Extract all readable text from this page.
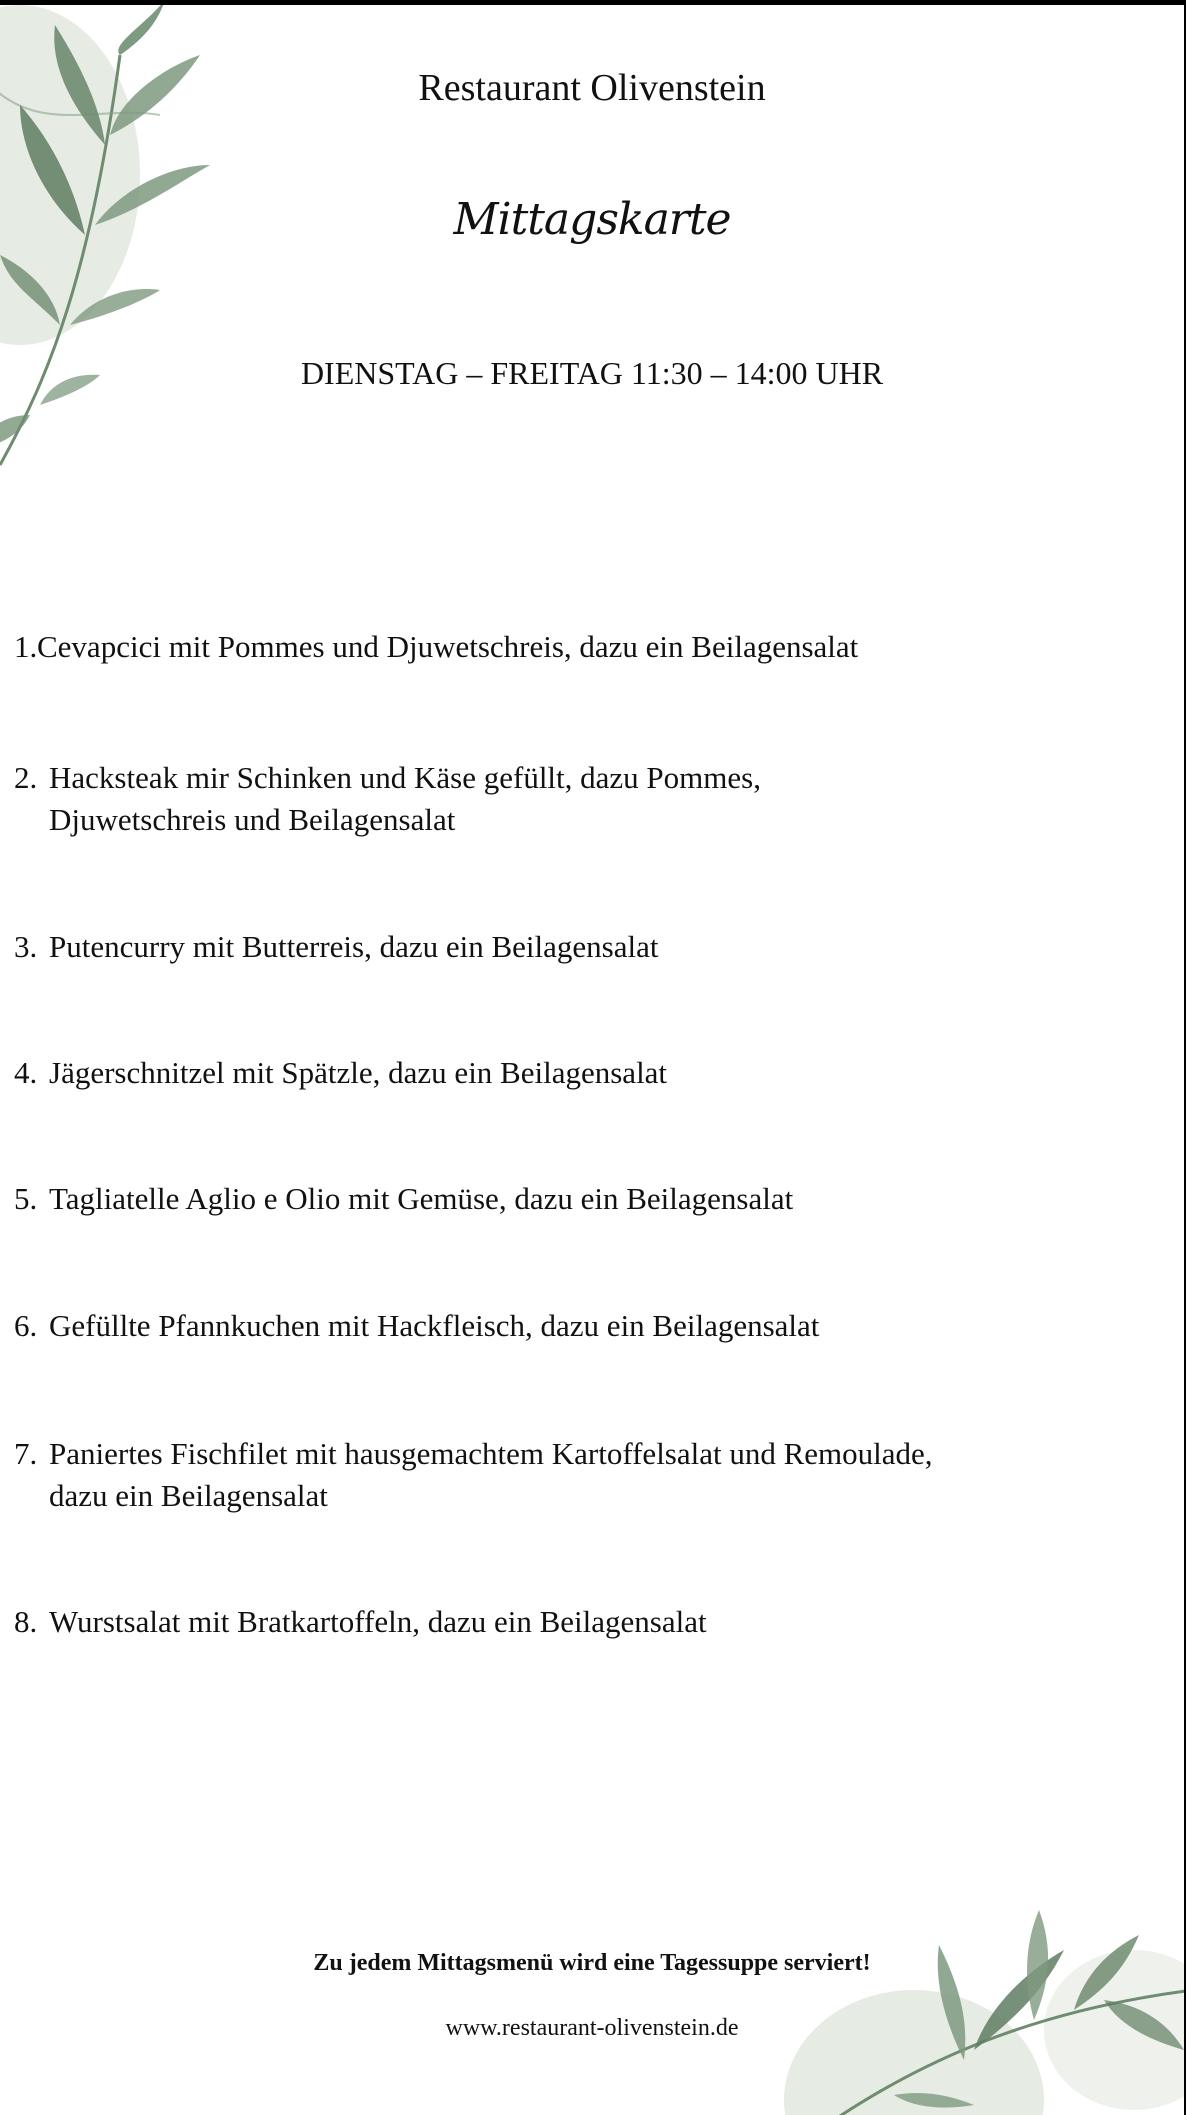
Restaurant Olivenstein
Mittagskarte
DIENSTAG – FREITAG 11:30 – 14:00 UHR
1.Cevapcici mit Pommes und Djuwetschreis, dazu ein Beilagensalat
2. Hacksteak mir Schinken und Käse gefüllt, dazu Pommes,
Djuwetschreis und Beilagensalat
3. Putencurry mit Butterreis, dazu ein Beilagensalat
4. Jägerschnitzel mit Spätzle, dazu ein Beilagensalat
5. Tagliatelle Aglio e Olio mit Gemüse, dazu ein Beilagensalat
6. Gefüllte Pfannkuchen mit Hackfleisch, dazu ein Beilagensalat
7. Paniertes Fischfilet mit hausgemachtem Kartoffelsalat und Remoulade,
dazu ein Beilagensalat
8. Wurstsalat mit Bratkartoffeln, dazu ein Beilagensalat
Zu jedem Mittagsmenü wird eine Tagessuppe serviert!
www.restaurant-olivenstein.de
